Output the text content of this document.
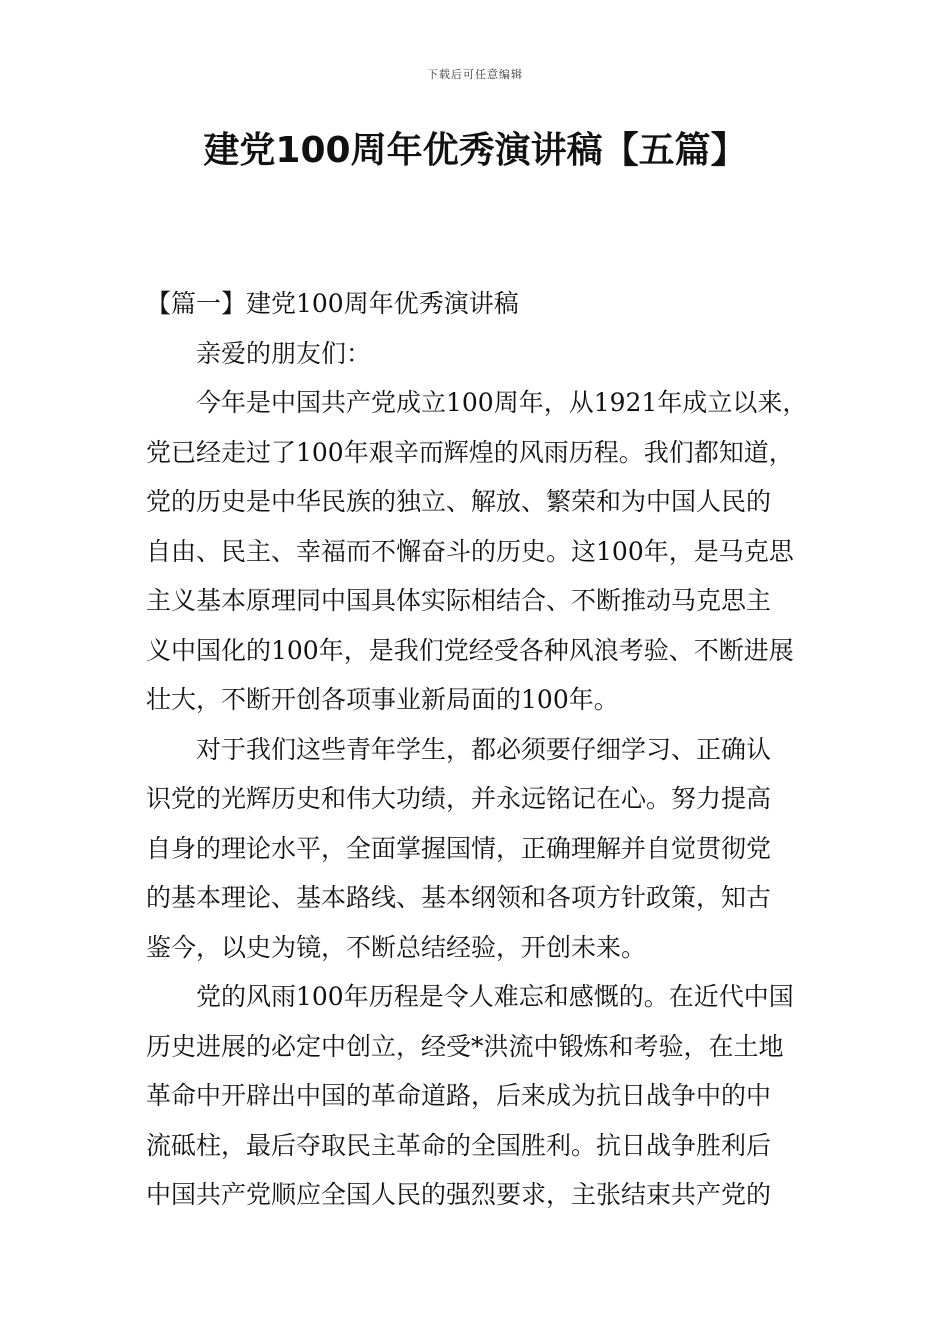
下载后可任意编辑
建党100周年优秀演讲稿【五篇】
【篇一】建党100周年优秀演讲稿
亲爱的朋友们：
今年是中国共产党成立100周年，从1921年成立以来，
党已经走过了100年艰辛而辉煌的风雨历程。我们都知道，
党的历史是中华民族的独立、解放、繁荣和为中国人民的
自由、民主、幸福而不懈奋斗的历史。这100年，是马克思
主义基本原理同中国具体实际相结合、不断推动马克思主
义中国化的100年，是我们党经受各种风浪考验、不断进展
壮大，不断开创各项事业新局面的100年。
对于我们这些青年学生，都必须要仔细学习、正确认
识党的光辉历史和伟大功绩，并永远铭记在心。努力提高
自身的理论水平，全面掌握国情，正确理解并自觉贯彻党
的基本理论、基本路线、基本纲领和各项方针政策，知古
鉴今，以史为镜，不断总结经验，开创未来。
党的风雨100年历程是令人难忘和感慨的。在近代中国
历史进展的必定中创立，经受*洪流中锻炼和考验，在土地
革命中开辟出中国的革命道路，后来成为抗日战争中的中
流砥柱，最后夺取民主革命的全国胜利。抗日战争胜利后
中国共产党顺应全国人民的强烈要求，主张结束共产党的
